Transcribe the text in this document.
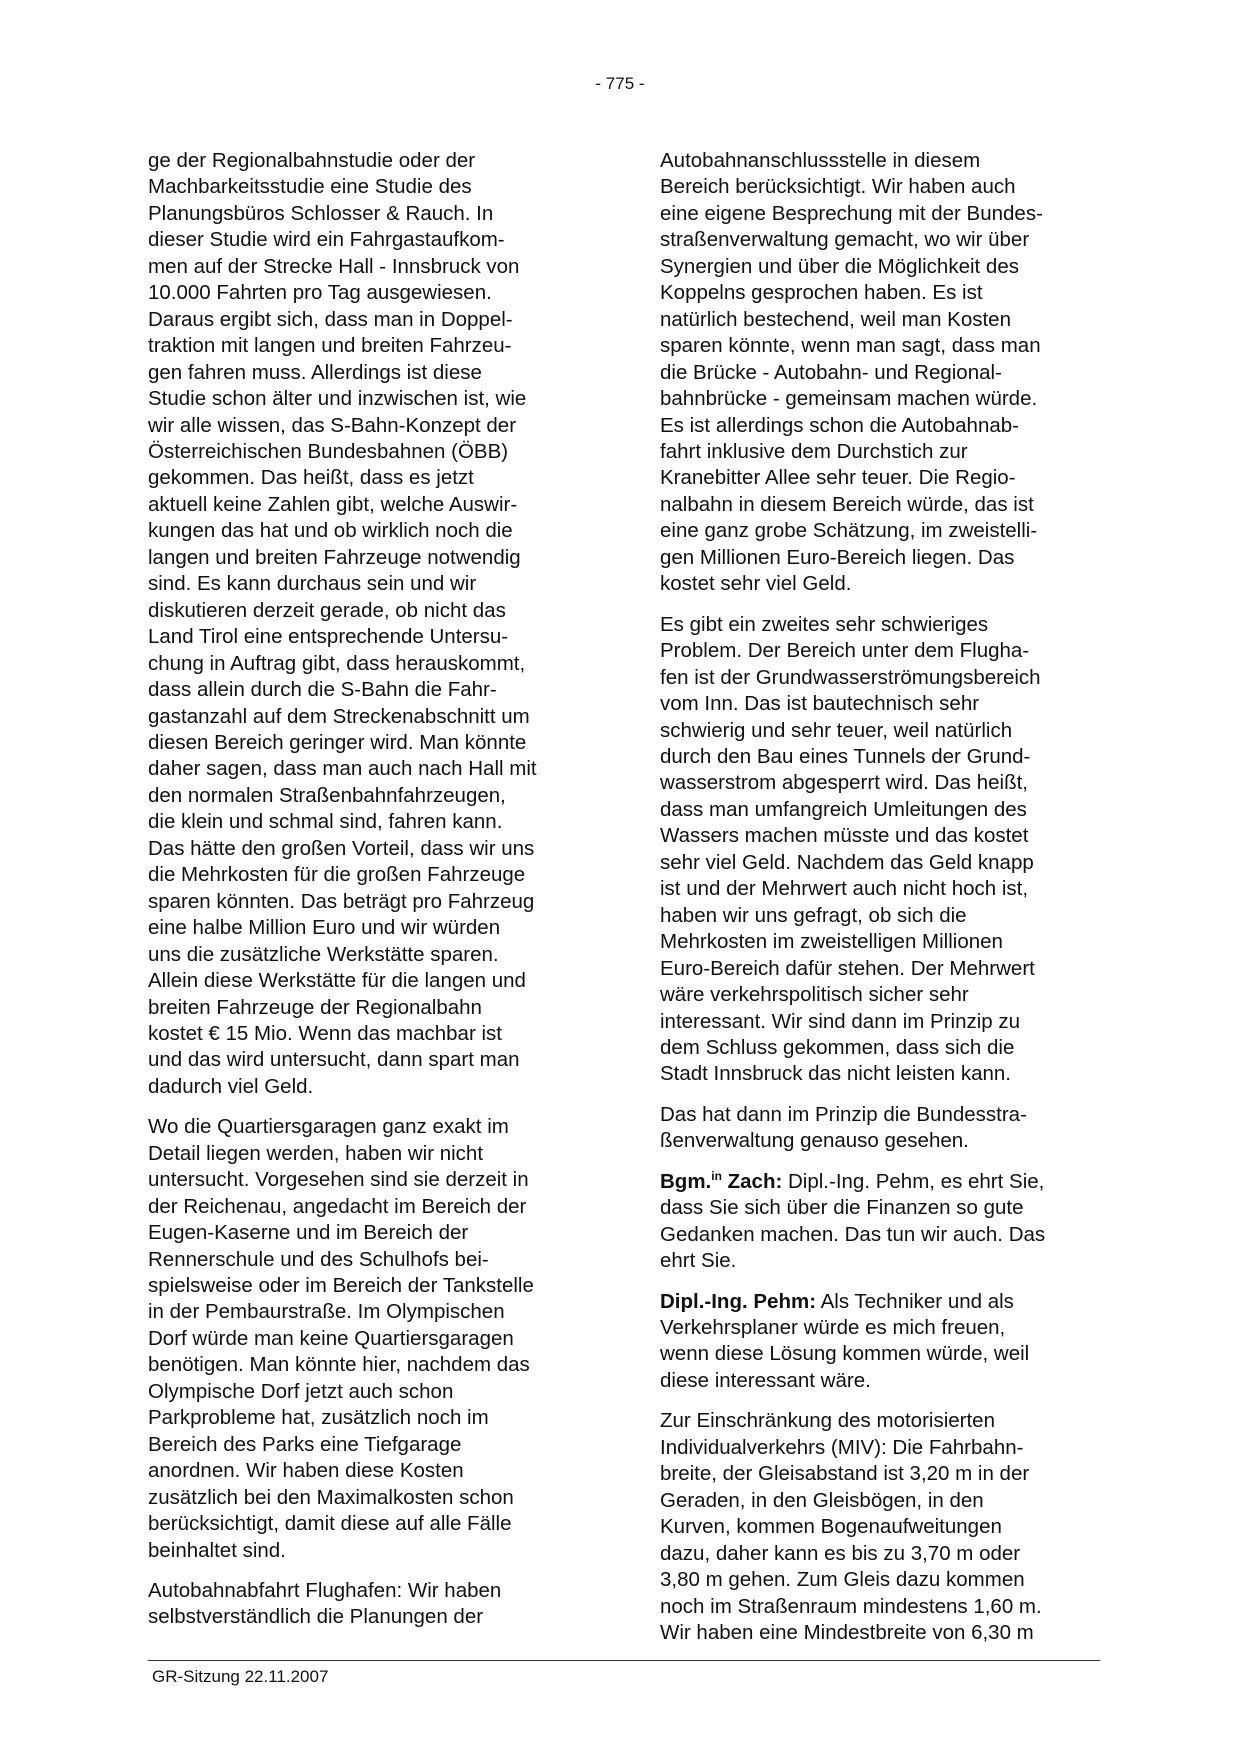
- 775 -

ge der Regionalbahnstudie oder der
Machbarkeitsstudie eine Studie des
Planungsbüros Schlosser & Rauch. In
dieser Studie wird ein Fahrgastaufkom-
men auf der Strecke Hall - Innsbruck von
10.000 Fahrten pro Tag ausgewiesen.
Daraus ergibt sich, dass man in Doppel-
traktion mit langen und breiten Fahrzeu-
gen fahren muss. Allerdings ist diese
Studie schon älter und inzwischen ist, wie
wir alle wissen, das S-Bahn-Konzept der
Österreichischen Bundesbahnen (ÖBB)
gekommen. Das heißt, dass es jetzt
aktuell keine Zahlen gibt, welche Auswir-
kungen das hat und ob wirklich noch die
langen und breiten Fahrzeuge notwendig
sind. Es kann durchaus sein und wir
diskutieren derzeit gerade, ob nicht das
Land Tirol eine entsprechende Untersu-
chung in Auftrag gibt, dass herauskommt,
dass allein durch die S-Bahn die Fahr-
gastanzahl auf dem Streckenabschnitt um
diesen Bereich geringer wird. Man könnte
daher sagen, dass man auch nach Hall mit
den normalen Straßenbahnfahrzeugen,
die klein und schmal sind, fahren kann.
Das hätte den großen Vorteil, dass wir uns
die Mehrkosten für die großen Fahrzeuge
sparen könnten. Das beträgt pro Fahrzeug
eine halbe Million Euro und wir würden
uns die zusätzliche Werkstätte sparen.
Allein diese Werkstätte für die langen und
breiten Fahrzeuge der Regionalbahn
kostet € 15 Mio. Wenn das machbar ist
und das wird untersucht, dann spart man
dadurch viel Geld.

Wo die Quartiersgaragen ganz exakt im
Detail liegen werden, haben wir nicht
untersucht. Vorgesehen sind sie derzeit in
der Reichenau, angedacht im Bereich der
Eugen-Kaserne und im Bereich der
Rennerschule und des Schulhofs bei-
spielsweise oder im Bereich der Tankstelle
in der Pembaurstraße. Im Olympischen
Dorf würde man keine Quartiersgaragen
benötigen. Man könnte hier, nachdem das
Olympische Dorf jetzt auch schon
Parkprobleme hat, zusätzlich noch im
Bereich des Parks eine Tiefgarage
anordnen. Wir haben diese Kosten
zusätzlich bei den Maximalkosten schon
berücksichtigt, damit diese auf alle Fälle
beinhaltet sind.

Autobahnabfahrt Flughafen: Wir haben
selbstverständlich die Planungen der

Autobahnanschlussstelle in diesem
Bereich berücksichtigt. Wir haben auch
eine eigene Besprechung mit der Bundes-
straßenverwaltung gemacht, wo wir über
Synergien und über die Möglichkeit des
Koppelns gesprochen haben. Es ist
natürlich bestechend, weil man Kosten
sparen könnte, wenn man sagt, dass man
die Brücke - Autobahn- und Regional-
bahnbrücke - gemeinsam machen würde.
Es ist allerdings schon die Autobahnab-
fahrt inklusive dem Durchstich zur
Kranebitter Allee sehr teuer. Die Regio-
nalbahn in diesem Bereich würde, das ist
eine ganz grobe Schätzung, im zweistelli-
gen Millionen Euro-Bereich liegen. Das
kostet sehr viel Geld.

Es gibt ein zweites sehr schwieriges
Problem. Der Bereich unter dem Flugha-
fen ist der Grundwasserströmungsbereich
vom Inn. Das ist bautechnisch sehr
schwierig und sehr teuer, weil natürlich
durch den Bau eines Tunnels der Grund-
wasserstrom abgesperrt wird. Das heißt,
dass man umfangreich Umleitungen des
Wassers machen müsste und das kostet
sehr viel Geld. Nachdem das Geld knapp
ist und der Mehrwert auch nicht hoch ist,
haben wir uns gefragt, ob sich die
Mehrkosten im zweistelligen Millionen
Euro-Bereich dafür stehen. Der Mehrwert
wäre verkehrspolitisch sicher sehr
interessant. Wir sind dann im Prinzip zu
dem Schluss gekommen, dass sich die
Stadt Innsbruck das nicht leisten kann.

Das hat dann im Prinzip die Bundesstra-
ßenverwaltung genauso gesehen.

Bgm.$^{in}$ Zach: Dipl.-Ing. Pehm, es ehrt Sie,
dass Sie sich über die Finanzen so gute
Gedanken machen. Das tun wir auch. Das
ehrt Sie.

Dipl.-Ing. Pehm: Als Techniker und als
Verkehrsplaner würde es mich freuen,
wenn diese Lösung kommen würde, weil
diese interessant wäre.

Zur Einschränkung des motorisierten
Individualverkehrs (MIV): Die Fahrbahn-
breite, der Gleisabstand ist 3,20 m in der
Geraden, in den Gleisbögen, in den
Kurven, kommen Bogenaufweitungen
dazu, daher kann es bis zu 3,70 m oder
3,80 m gehen. Zum Gleis dazu kommen
noch im Straßenraum mindestens 1,60 m.
Wir haben eine Mindestbreite von 6,30 m

GR-Sitzung 22.11.2007
